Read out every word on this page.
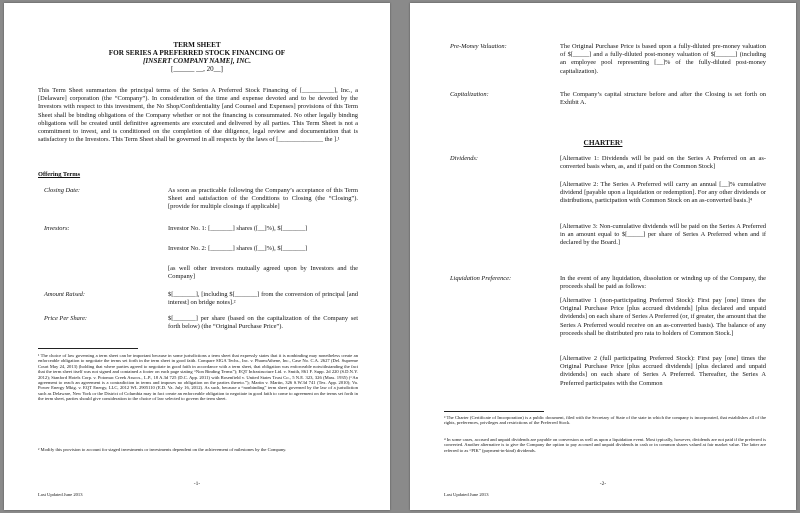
TERM SHEET
FOR SERIES A PREFERRED STOCK FINANCING OF
[INSERT COMPANY NAME], INC.
[______ __, 20__]
This Term Sheet summarizes the principal terms of the Series A Preferred Stock Financing of [__________], Inc., a [Delaware] corporation (the “Company”). In consideration of the time and expense devoted and to be devoted by the Investors with respect to this investment, the No Shop/Confidentiality [and Counsel and Expenses] provisions of this Term Sheet shall be binding obligations of the Company whether or not the financing is consummated. No other legally binding obligations will be created until definitive agreements are executed and delivered by all parties. This Term Sheet is not a commitment to invest, and is conditioned on the completion of due diligence, legal review and documentation that is satisfactory to the Investors. This Term Sheet shall be governed in all respects by the laws of [______________ the ].¹
Offering Terms
Closing Date:	As soon as practicable following the Company’s acceptance of this Term Sheet and satisfaction of the Conditions to Closing (the “Closing”). [provide for multiple closings if applicable]
Investors:	Investor No. 1: [_______] shares ([__]%), $[_______]
Investor No. 2: [_______] shares ([__]%), $[_______]
[as well other investors mutually agreed upon by Investors and the Company]
Amount Raised:	$[_______], [including $[_______] from the conversion of principal [and interest] on bridge notes].²
Price Per Share:	$[_______] per share (based on the capitalization of the Company set forth below) (the “Original Purchase Price”).
¹ The choice of law governing a term sheet can be important because in some jurisdictions a term sheet that expressly states that it is nonbinding may nonetheless create an enforceable obligation to negotiate the terms set forth in the term sheet in good faith. Compare SIGA Techs., Inc. v. PharmAthene, Inc., Case No. C.A. 2627 (Del. Supreme Court May 24, 2013) (holding that where parties agreed to negotiate in good faith in accordance with a term sheet, that obligation was enforceable notwithstanding the fact that the term sheet itself was not signed and contained a footer on each page stating “Non Binding Terms”); EQT Infrastructure Ltd. v. Smith, 861 F. Supp. 2d 220 (S.D.N.Y. 2012); Stanford Hotels Corp. v. Potomac Creek Assocs., L.P., 18 A.3d 725 (D.C. App. 2011) with Rosenfield v. United States Trust Co., 5 N.E. 323, 326 (Mass. 1935) (“An agreement to reach an agreement is a contradiction in terms and imposes no obligation on the parties thereto.”); Martin v. Martin, 326 S.W.3d 741 (Tex. App. 2010); Va. Power Energy Mktg. v. EQT Energy, LLC, 2012 WL 2905110 (E.D. Va. July 16, 2012). As such, because a “nonbinding” term sheet governed by the law of a jurisdiction such as Delaware, New York or the District of Columbia may in fact create an enforceable obligation to negotiate in good faith to come to agreement on the terms set forth in the term sheet, parties should give consideration to the choice of law selected to govern the term sheet.
² Modify this provision to account for staged investments or investments dependent on the achievement of milestones by the Company.
-1-
Last Updated June 2013
Pre-Money Valuation:	The Original Purchase Price is based upon a fully-diluted pre-money valuation of $[_____] and a fully-diluted post-money valuation of $[______] (including an employee pool representing [__]% of the fully-diluted post-money capitalization).
Capitalization:	The Company’s capital structure before and after the Closing is set forth on Exhibit A.
CHARTER³
Dividends:	[Alternative 1: Dividends will be paid on the Series A Preferred on an as-converted basis when, as, and if paid on the Common Stock]
[Alternative 2: The Series A Preferred will carry an annual [__]% cumulative dividend [payable upon a liquidation or redemption]. For any other dividends or distributions, participation with Common Stock on an as-converted basis.]⁴
[Alternative 3: Non-cumulative dividends will be paid on the Series A Preferred in an amount equal to $[_____] per share of Series A Preferred when and if declared by the Board.]
Liquidation Preference:	In the event of any liquidation, dissolution or winding up of the Company, the proceeds shall be paid as follows:
[Alternative 1 (non-participating Preferred Stock): First pay [one] times the Original Purchase Price [plus accrued dividends] [plus declared and unpaid dividends] on each share of Series A Preferred (or, if greater, the amount that the Series A Preferred would receive on an as-converted basis). The balance of any proceeds shall be distributed pro rata to holders of Common Stock.]
[Alternative 2 (full participating Preferred Stock): First pay [one] times the Original Purchase Price [plus accrued dividends] [plus declared and unpaid dividends] on each share of Series A Preferred. Thereafter, the Series A Preferred participates with the Common
³ The Charter (Certificate of Incorporation) is a public document, filed with the Secretary of State of the state in which the company is incorporated, that establishes all of the rights, preferences, privileges and restrictions of the Preferred Stock.
⁴ In some cases, accrued and unpaid dividends are payable on conversion as well as upon a liquidation event. Most typically, however, dividends are not paid if the preferred is converted. Another alternative is to give the Company the option to pay accrued and unpaid dividends in cash or in common shares valued at fair market value. The latter are referred to as “PIK” (payment-in-kind) dividends.
-2-
Last Updated June 2013
